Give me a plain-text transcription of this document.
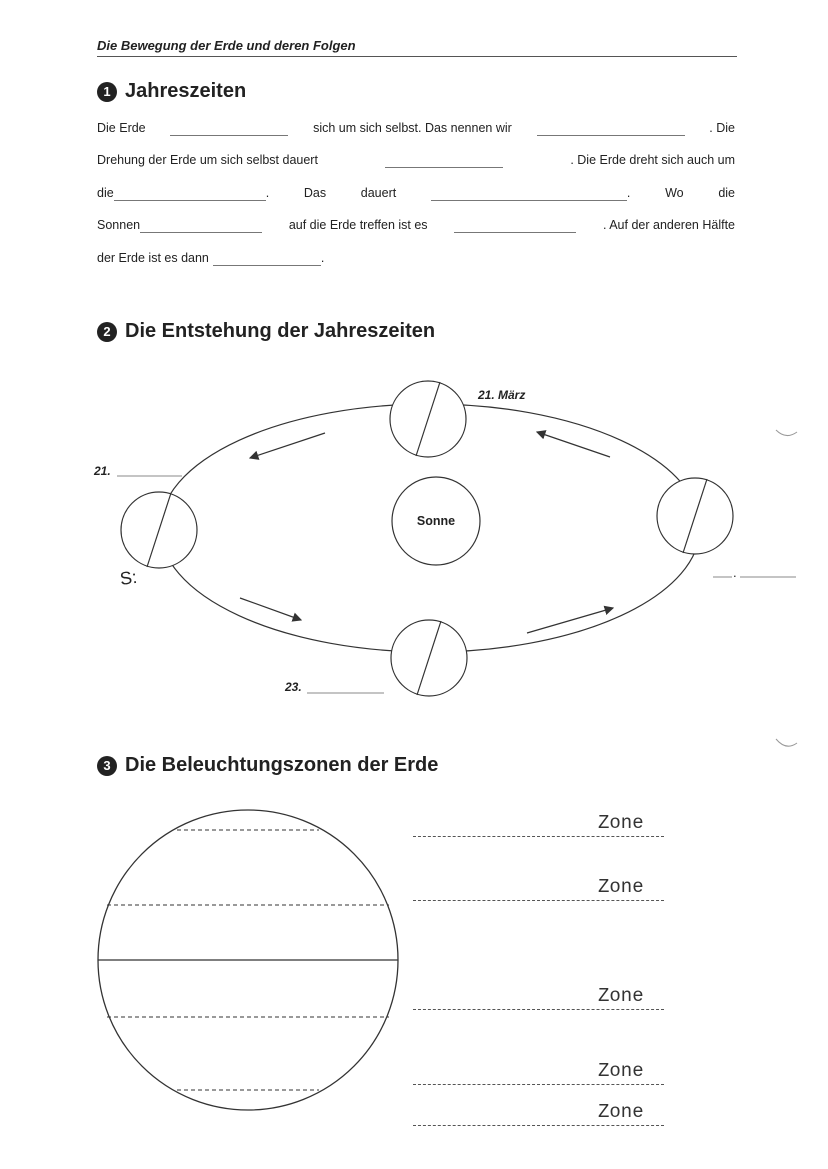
Die Bewegung der Erde und deren Folgen
1 Jahreszeiten
Die Erde	sich um sich selbst. Das nennen wir	. Die
Drehung der Erde um sich selbst dauert	. Die Erde dreht sich auch um
die	.	Das	dauert	.	Wo	die
Sonnen	auf die Erde treffen ist es	. Auf der anderen Hälfte
der Erde ist es dann	.
2 Die Entstehung der Jahreszeiten
Sonne
21. März
21.
23.
.
S:
3 Die Beleuchtungszonen der Erde
Zone
Zone
Zone
Zone
Zone
